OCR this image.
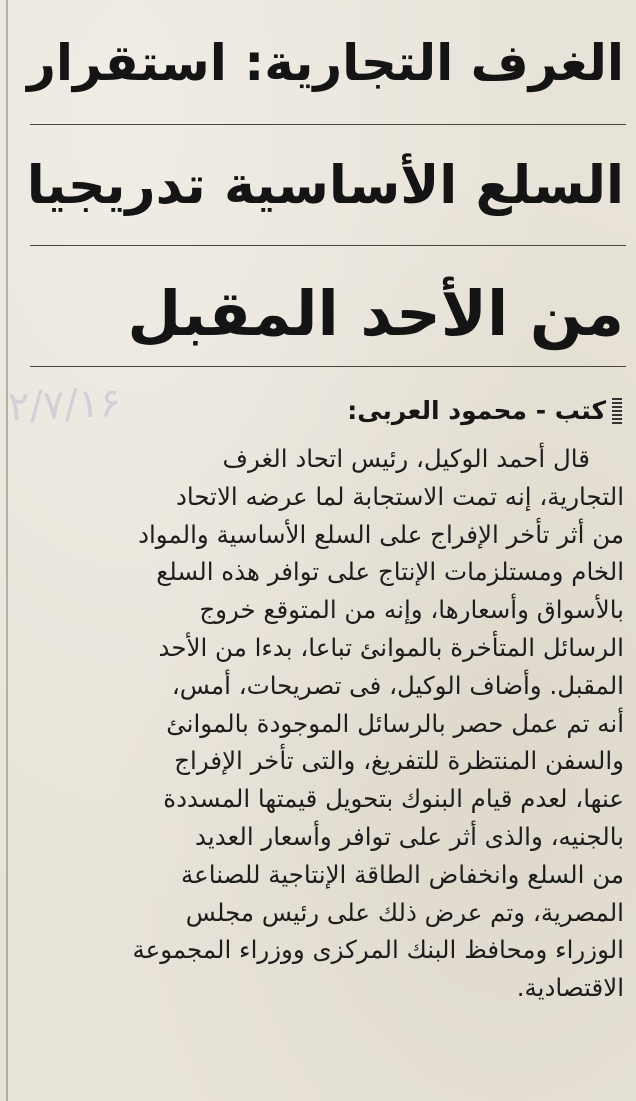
الغرف التجارية: استقرار
السلع الأساسية تدريجيا
من الأحد المقبل
۲/۷/۱۶	كتب - محمود العربى:
قال أحمد الوكيل، رئيس اتحاد الغرف
التجارية، إنه تمت الاستجابة لما عرضه الاتحاد
من أثر تأخر الإفراج على السلع الأساسية والمواد
الخام ومستلزمات الإنتاج على توافر هذه السلع
بالأسواق وأسعارها، وإنه من المتوقع خروج
الرسائل المتأخرة بالموانئ تباعا، بدءا من الأحد
المقبل. وأضاف الوكيل، فى تصريحات، أمس،
أنه تم عمل حصر بالرسائل الموجودة بالموانئ
والسفن المنتظرة للتفريغ، والتى تأخر الإفراج
عنها، لعدم قيام البنوك بتحويل قيمتها المسددة
بالجنيه، والذى أثر على توافر وأسعار العديد
من السلع وانخفاض الطاقة الإنتاجية للصناعة
المصرية، وتم عرض ذلك على رئيس مجلس
الوزراء ومحافظ البنك المركزى ووزراء المجموعة
الاقتصادية.
